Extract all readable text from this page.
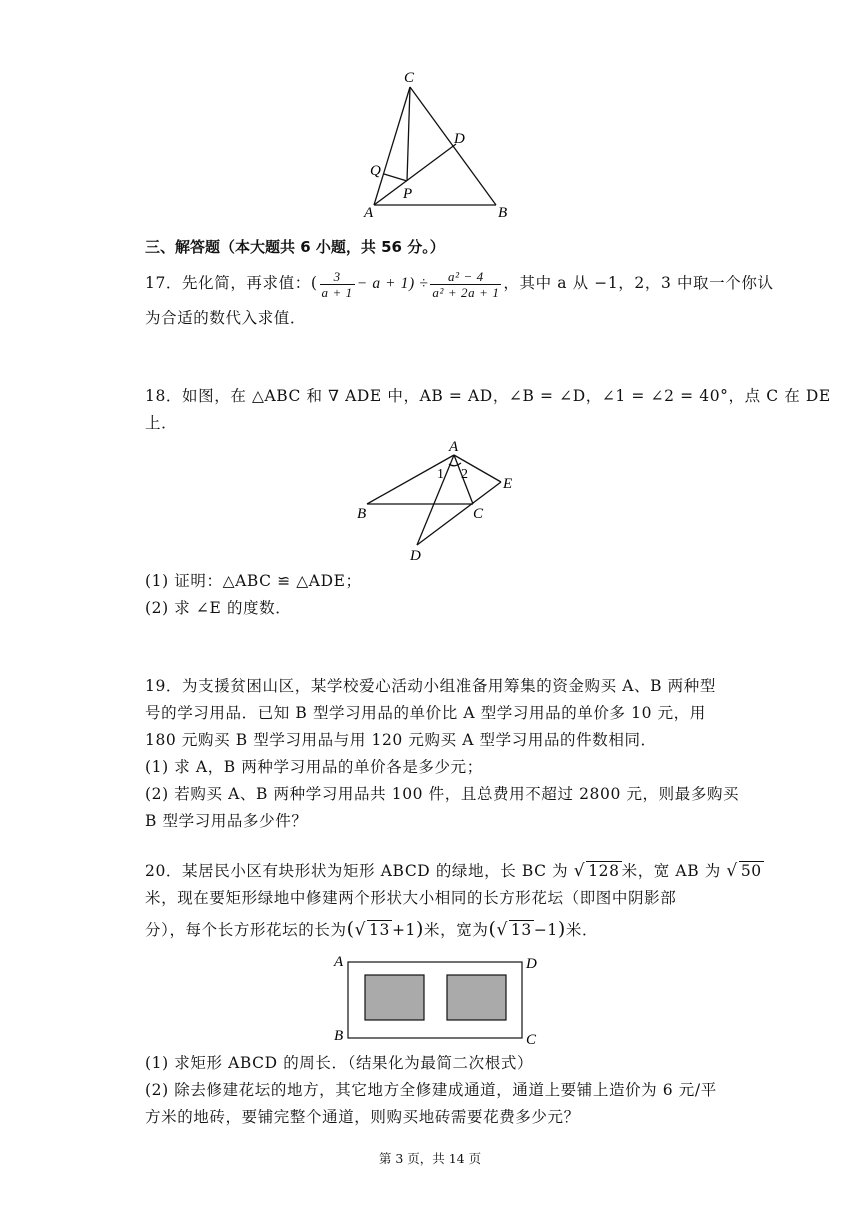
C
D
Q
P
A	B
三、解答题（本大题共 6 小题，共 56 分。）
17．先化简，再求值：( $\frac{3}{a + 1} - a + 1) \div \frac{\text{a² − 4}}{\text{a² + 2a + 1}}$ ，其中 a 从 −1，2，3 中取一个你认
为合适的数代入求值．
18．如图，在 △ABC 和 ∇ ADE 中，AB = AD，∠B = ∠D，∠1 = ∠2 = 40°，点 C 在 DE
上．
A
1 2
E
B	C
D
(1) 证明：△ABC ≌ △ADE；
(2) 求 ∠E 的度数．
19．为支援贫困山区，某学校爱心活动小组准备用筹集的资金购买 A、B 两种型
号的学习用品．已知 B 型学习用品的单价比 A 型学习用品的单价多 10 元，用
180 元购买 B 型学习用品与用 120 元购买 A 型学习用品的件数相同．
(1) 求 A，B 两种学习用品的单价各是多少元；
(2) 若购买 A、B 两种学习用品共 100 件，且总费用不超过 2800 元，则最多购买
B 型学习用品多少件？
20．某居民小区有块形状为矩形 ABCD 的绿地，长 BC 为 √ 128 米，宽 AB 为 √ 50
米，现在要矩形绿地中修建两个形状大小相同的长方形花坛（即图中阴影部
分），每个长方形花坛的长为(√ 13 +1)米，宽为(√ 13 −1)米．
A	D
B	C
(1) 求矩形 ABCD 的周长．（结果化为最简二次根式）
(2) 除去修建花坛的地方，其它地方全修建成通道，通道上要铺上造价为 6 元/平
方米的地砖，要铺完整个通道，则购买地砖需要花费多少元？
第 3 页，共 14 页
